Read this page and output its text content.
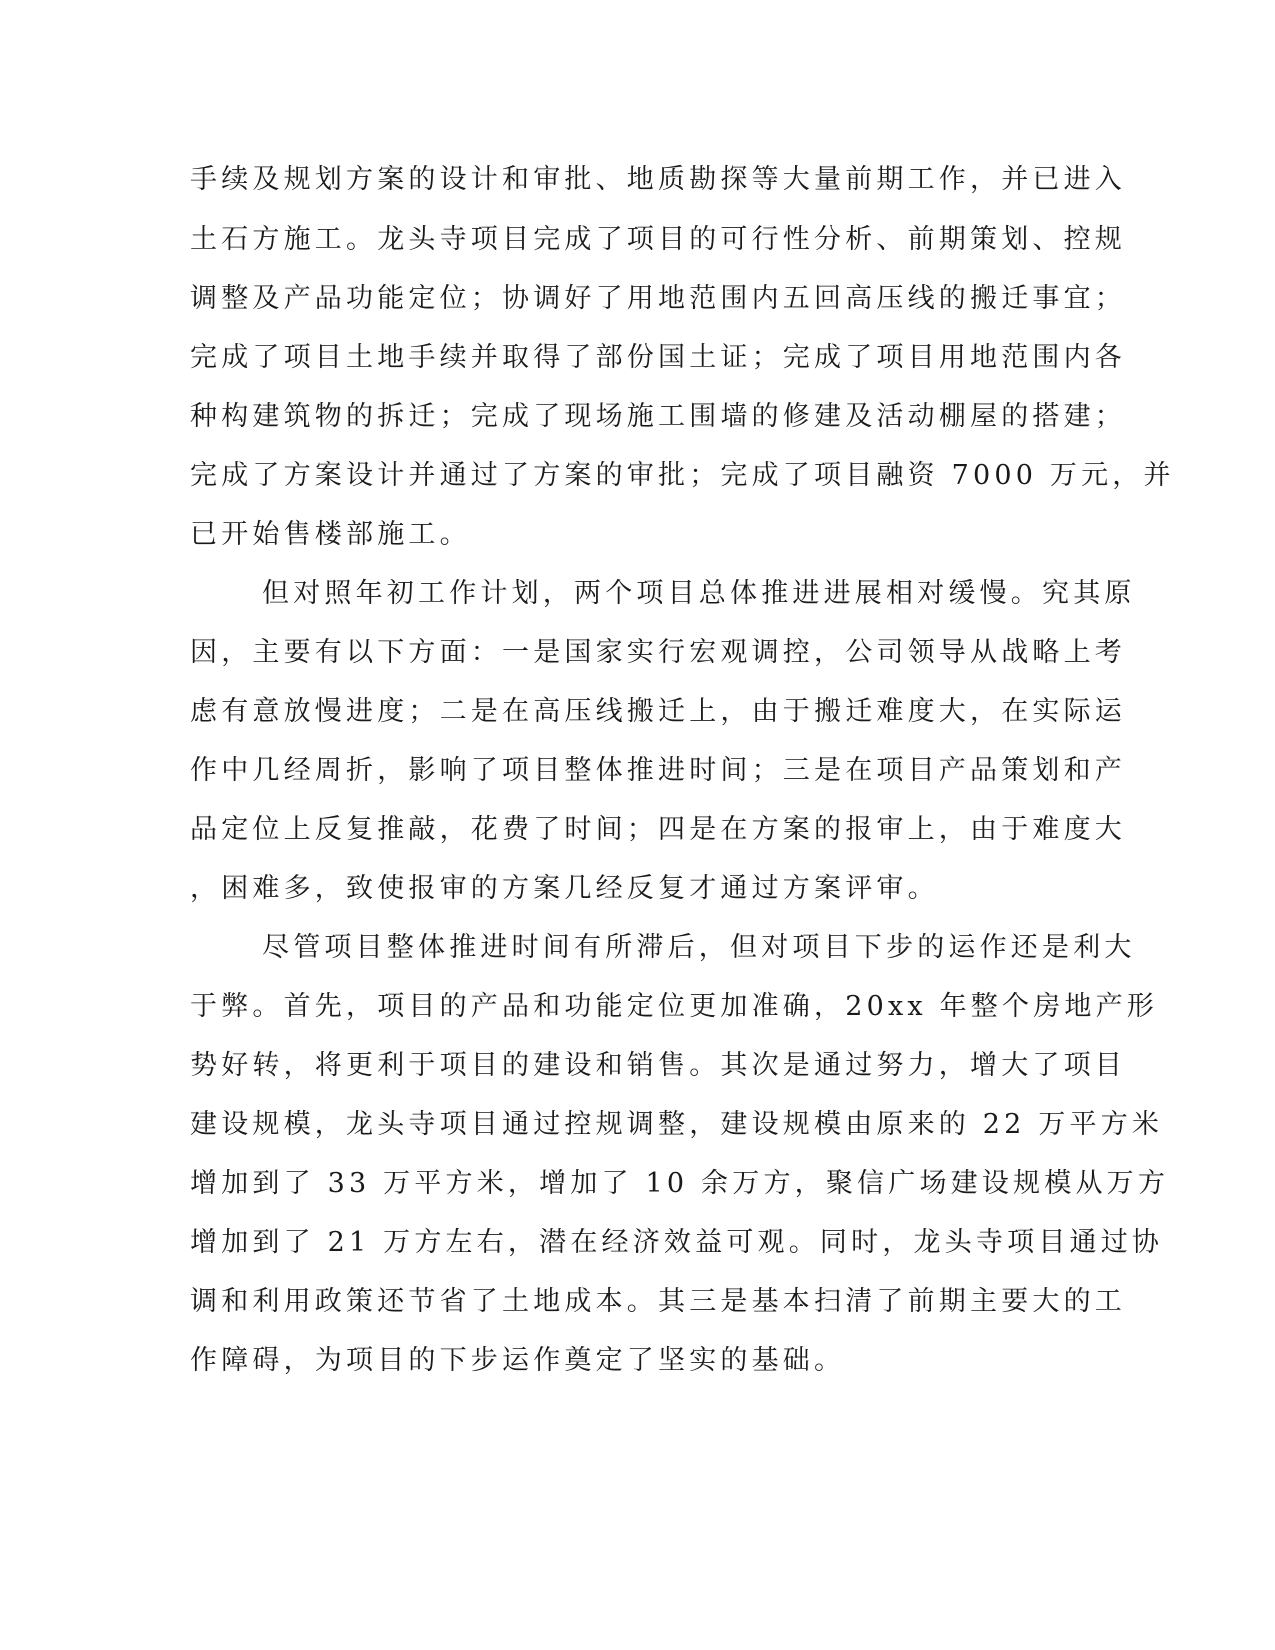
手续及规划方案的设计和审批、地质勘探等大量前期工作，并已进入
土石方施工。龙头寺项目完成了项目的可行性分析、前期策划、控规
调整及产品功能定位；协调好了用地范围内五回高压线的搬迁事宜；
完成了项目土地手续并取得了部份国土证；完成了项目用地范围内各
种构建筑物的拆迁；完成了现场施工围墙的修建及活动棚屋的搭建；
完成了方案设计并通过了方案的审批；完成了项目融资 7000 万元，并
已开始售楼部施工。
但对照年初工作计划，两个项目总体推进进展相对缓慢。究其原
因，主要有以下方面：一是国家实行宏观调控，公司领导从战略上考
虑有意放慢进度；二是在高压线搬迁上，由于搬迁难度大，在实际运
作中几经周折，影响了项目整体推进时间；三是在项目产品策划和产
品定位上反复推敲，花费了时间；四是在方案的报审上，由于难度大
，困难多，致使报审的方案几经反复才通过方案评审。
尽管项目整体推进时间有所滞后，但对项目下步的运作还是利大
于弊。首先，项目的产品和功能定位更加准确，20xx 年整个房地产形
势好转，将更利于项目的建设和销售。其次是通过努力，增大了项目
建设规模，龙头寺项目通过控规调整，建设规模由原来的 22 万平方米
增加到了 33 万平方米，增加了 10 余万方，聚信广场建设规模从万方
增加到了 21 万方左右，潜在经济效益可观。同时，龙头寺项目通过协
调和利用政策还节省了土地成本。其三是基本扫清了前期主要大的工
作障碍，为项目的下步运作奠定了坚实的基础。
